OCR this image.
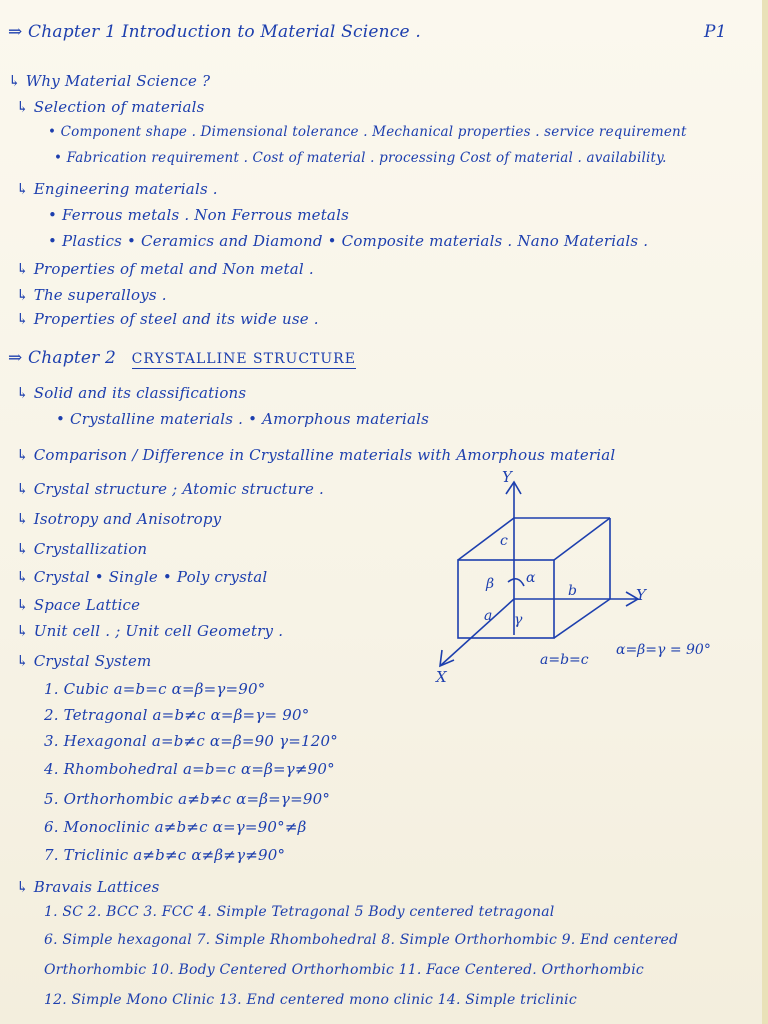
⇒ Chapter 1 Introduction to Material Science .	P1
↳ Why Material Science ?
↳ Selection of materials
• Component shape . Dimensional tolerance . Mechanical properties . service requirement
• Fabrication requirement . Cost of material . processing Cost of material . availability.
↳ Engineering materials .
• Ferrous metals . Non Ferrous metals
• Plastics • Ceramics and Diamond • Composite materials . Nano Materials .
↳ Properties of metal and Non metal .
↳ The superalloys .
↳ Properties of steel and its wide use .
⇒ Chapter 2 CRYSTALLINE STRUCTURE
↳ Solid and its classifications
• Crystalline materials . • Amorphous materials
↳ Comparison / Difference in Crystalline materials with Amorphous material
↳ Crystal structure ; Atomic structure .
↳ Isotropy and Anisotropy
↳ Crystallization
↳ Crystal • Single • Poly crystal
↳ Space Lattice
↳ Unit cell . ; Unit cell Geometry .
↳ Crystal System
1. Cubic a=b=c α=β=γ=90°
2. Tetragonal a=b≠c α=β=γ= 90°
3. Hexagonal a=b≠c α=β=90 γ=120°
4. Rhombohedral a=b=c α=β=γ≠90°
5. Orthorhombic a≠b≠c α=β=γ=90°
6. Monoclinic a≠b≠c α=γ=90°≠β
7. Triclinic a≠b≠c α≠β≠γ≠90°
↳ Bravais Lattices
1. SC 2. BCC 3. FCC 4. Simple Tetragonal 5 Body centered tetragonal
6. Simple hexagonal 7. Simple Rhombohedral 8. Simple Orthorhombic 9. End centered
Orthorhombic 10. Body Centered Orthorhombic 11. Face Centered. Orthorhombic
12. Simple Mono Clinic 13. End centered mono clinic 14. Simple triclinic
Y
Y
X
c
b
a
β α
γ
a=b=c
α=β=γ = 90°
